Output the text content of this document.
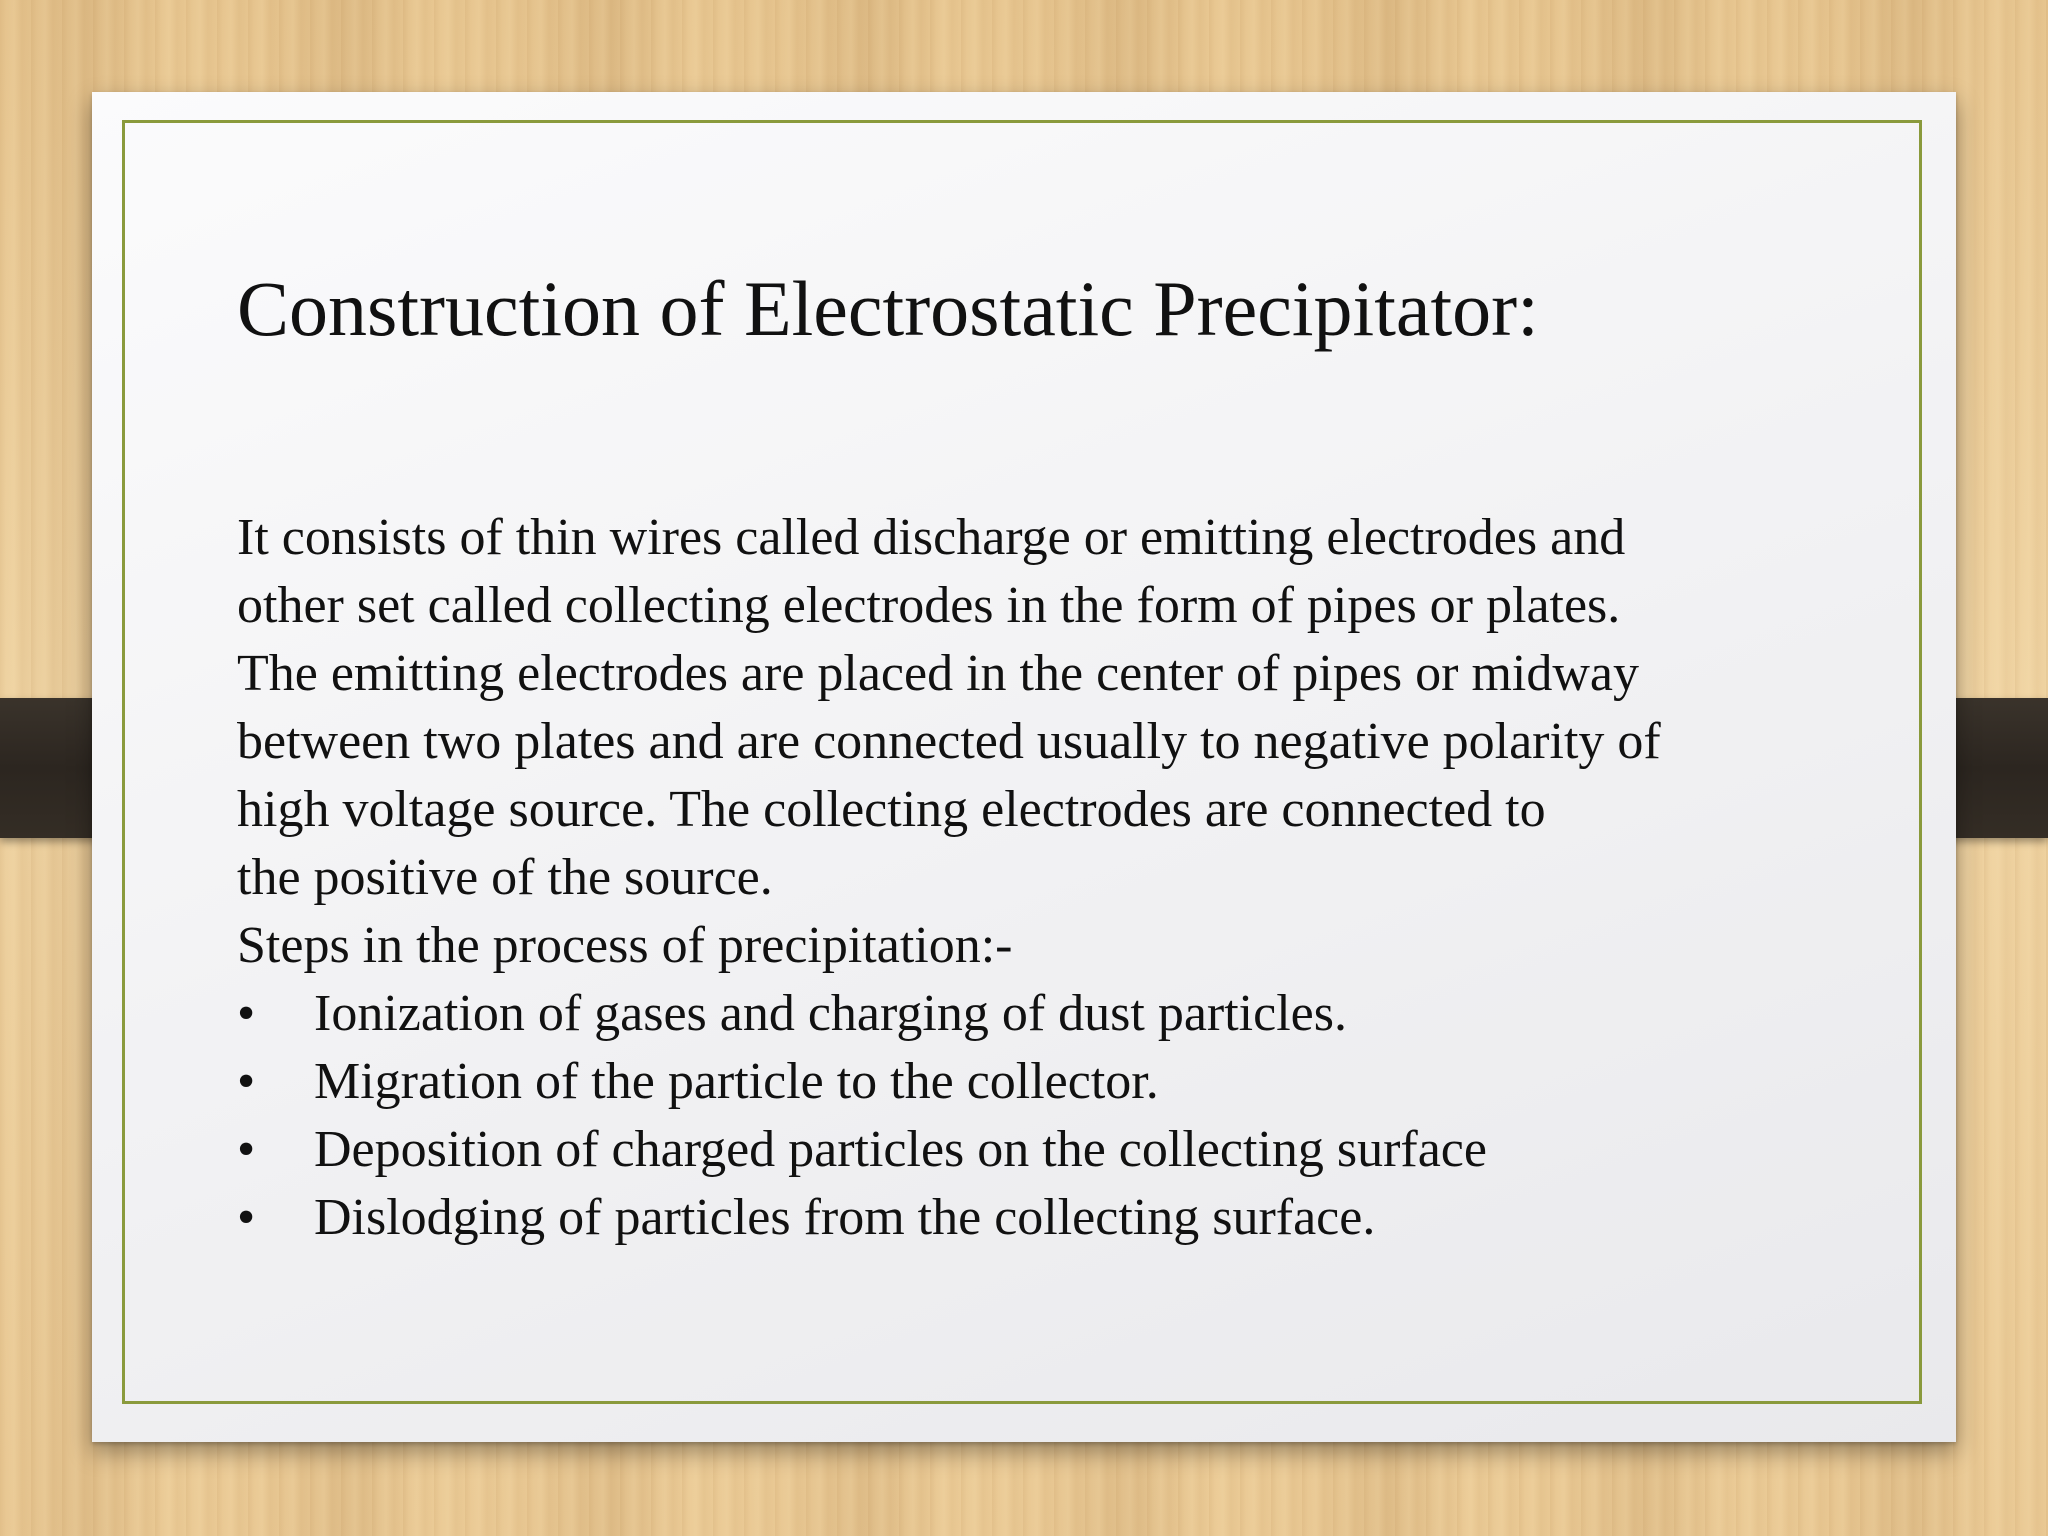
Construction of Electrostatic Precipitator:
It consists of thin wires called discharge or emitting electrodes and
other set called collecting electrodes in the form of pipes or plates.
The emitting electrodes are placed in the center of pipes or midway
between two plates and are connected usually to negative polarity of
high voltage source. The collecting electrodes are connected to
the positive of the source.
Steps in the process of precipitation:-
• Ionization of gases and charging of dust particles.
• Migration of the particle to the collector.
• Deposition of charged particles on the collecting surface
• Dislodging of particles from the collecting surface.
